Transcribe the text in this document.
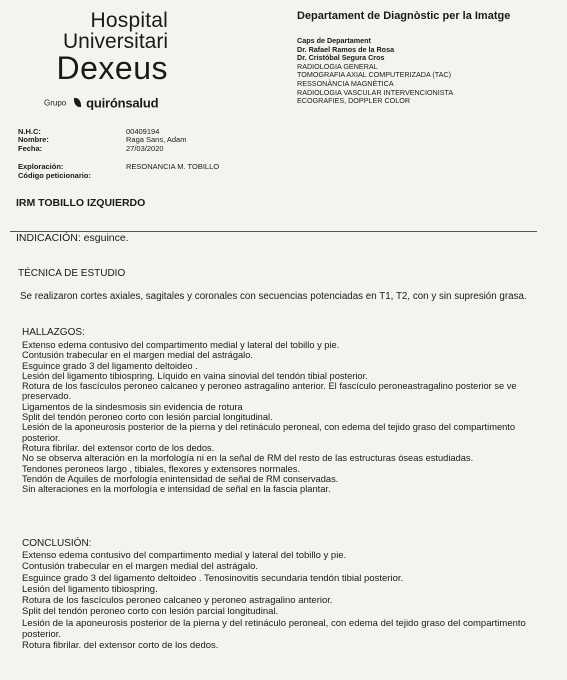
Hospital
Universitari
Dexeus
Grupo quirónsalud
Departament de Diagnòstic per la Imatge
Caps de Departament
Dr. Rafael Ramos de la Rosa
Dr. Cristóbal Segura Cros
RADIOLOGIA GENERAL
TOMOGRAFIA AXIAL COMPUTERIZADA (TAC)
RESSONÀNCIA MAGNÈTICA
RADIOLOGIA VASCULAR INTERVENCIONISTA
ECOGRAFIES, DOPPLER COLOR
N.H.C:	00409194
Nombre:	Raga Sans, Adam
Fecha:	27/03/2020
Exploración:	RESONANCIA M. TOBILLO
Código peticionario:
IRM TOBILLO IZQUIERDO
INDICACIÓN: esguince.
TÉCNICA DE ESTUDIO
Se realizaron cortes axiales, sagitales y coronales con secuencias potenciadas en T1, T2, con y sin supresión grasa.
HALLAZGOS:
Extenso edema contusivo del compartimento medial y lateral del tobillo y pie.
Contusión trabecular en el margen medial del astrágalo.
Esguince grado 3 del ligamento deltoideo .
Lesión del ligamento tibiospring. Líquido en vaina sinovial del tendón tibial posterior.
Rotura de los fascículos peroneo calcaneo y peroneo astragalino anterior. El fascículo peroneastragalino posterior se ve preservado.
Ligamentos de la sindesmosis sin evidencia de rotura
Split del tendón peroneo corto con lesión parcial longitudinal.
Lesión de la aponeurosis posterior de la pierna y del retináculo peroneal, con edema del tejido graso del compartimento posterior.
Rotura fibrilar. del extensor corto de los dedos.
No se observa alteración en la morfología ni en la señal de RM del resto de las estructuras óseas estudiadas.
Tendones peroneos largo , tibiales, flexores y extensores normales.
Tendón de Aquiles de morfología enintensidad de señal de RM conservadas.
Sin alteraciones en la morfología e intensidad de señal en la fascia plantar.
CONCLUSIÓN:
Extenso edema contusivo del compartimento medial y lateral del tobillo y pie.
Contusión trabecular en el margen medial del astrágalo.
Esguince grado 3 del ligamento deltoideo . Tenosinovitis secundaria tendón tibial posterior.
Lesión del ligamento tibiospring.
Rotura de los fascículos peroneo calcaneo y peroneo astragalino anterior.
Split del tendón peroneo corto con lesión parcial longitudinal.
Lesión de la aponeurosis posterior de la pierna y del retináculo peroneal, con edema del tejido graso del compartimento posterior.
Rotura fibrilar. del extensor corto de los dedos.
